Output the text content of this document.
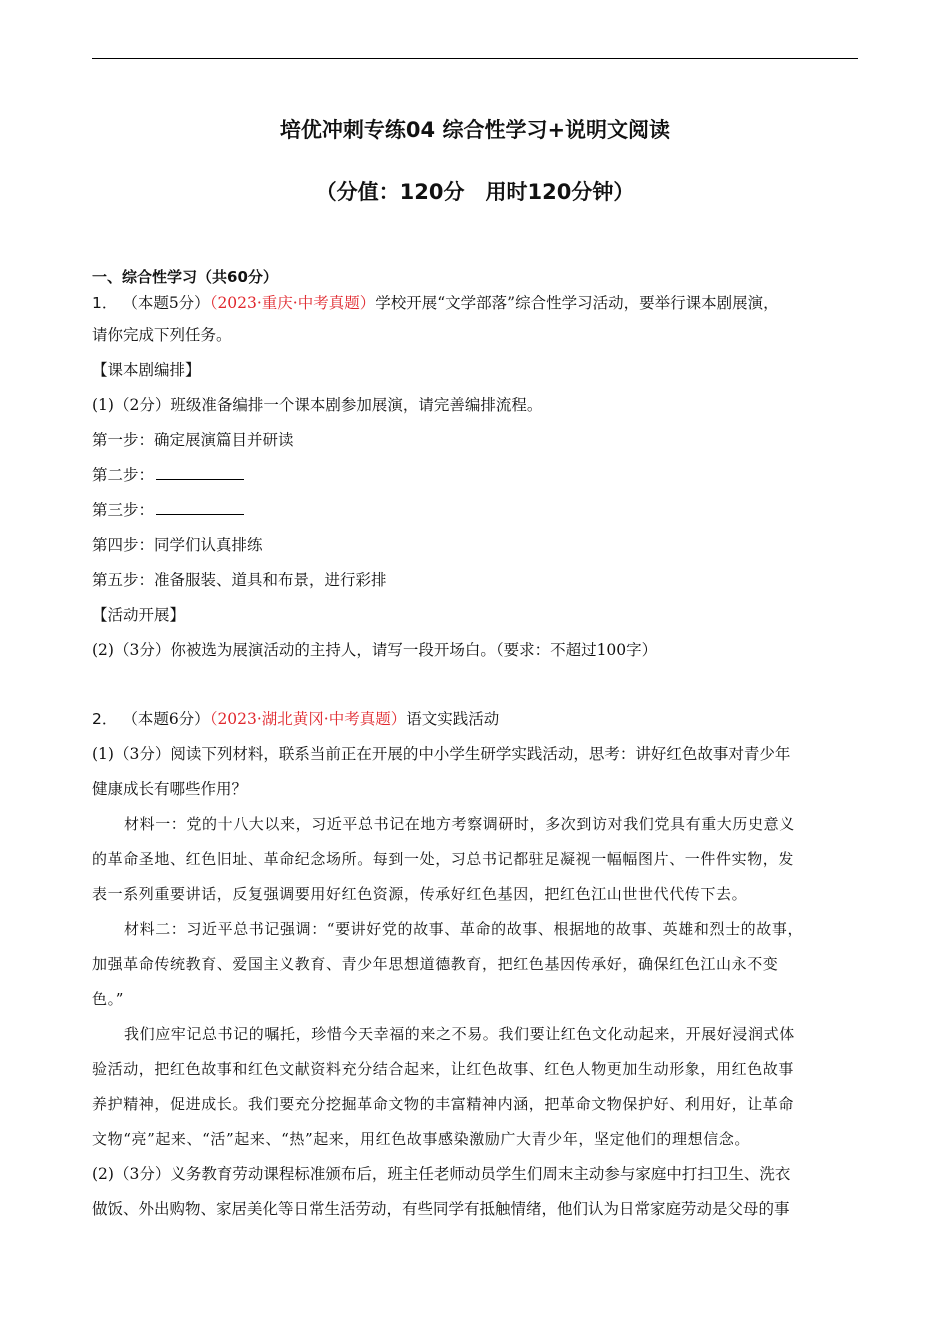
培优冲刺专练04 综合性学习+说明文阅读
（分值：120分　用时120分钟）
一、综合性学习（共60分）
1． （本题5分）（2023·重庆·中考真题）学校开展“文学部落”综合性学习活动，要举行课本剧展演，
请你完成下列任务。
【课本剧编排】
(1)（2分）班级准备编排一个课本剧参加展演，请完善编排流程。
第一步：确定展演篇目并研读
第二步：
第三步：
第四步：同学们认真排练
第五步：准备服装、道具和布景，进行彩排
【活动开展】
(2)（3分）你被选为展演活动的主持人，请写一段开场白。（要求：不超过100字）
2． （本题6分）（2023·湖北黄冈·中考真题）语文实践活动
(1)（3分）阅读下列材料，联系当前正在开展的中小学生研学实践活动，思考：讲好红色故事对青少年
健康成长有哪些作用？
材料一：党的十八大以来，习近平总书记在地方考察调研时，多次到访对我们党具有重大历史意义
的革命圣地、红色旧址、革命纪念场所。每到一处，习总书记都驻足凝视一幅幅图片、一件件实物，发
表一系列重要讲话，反复强调要用好红色资源，传承好红色基因，把红色江山世世代代传下去。
材料二：习近平总书记强调：“要讲好党的故事、革命的故事、根据地的故事、英雄和烈士的故事，
加强革命传统教育、爱国主义教育、青少年思想道德教育，把红色基因传承好，确保红色江山永不变
色。”
我们应牢记总书记的嘱托，珍惜今天幸福的来之不易。我们要让红色文化动起来，开展好浸润式体
验活动，把红色故事和红色文献资料充分结合起来，让红色故事、红色人物更加生动形象，用红色故事
养护精神，促进成长。我们要充分挖掘革命文物的丰富精神内涵，把革命文物保护好、利用好，让革命
文物“亮”起来、“活”起来、“热”起来，用红色故事感染激励广大青少年，坚定他们的理想信念。
(2)（3分）义务教育劳动课程标准颁布后，班主任老师动员学生们周末主动参与家庭中打扫卫生、洗衣
做饭、外出购物、家居美化等日常生活劳动，有些同学有抵触情绪，他们认为日常家庭劳动是父母的事
